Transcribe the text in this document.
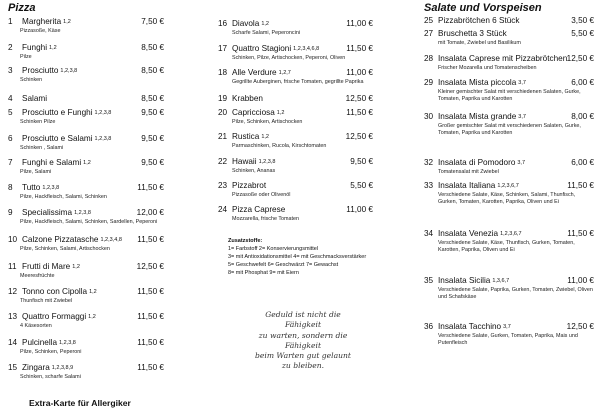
Pizza
1 Margherita 1,2	7,50 €
Pizzasoße, Käse
2 Funghi 1,2	8,50 €
Pilze
3 Prosciutto 1,2,3,8	8,50 €
Schinken
4 Salami	8,50 €
5 Prosciutto e Funghi 1,2,3,8	9,50 €
Schinken Pilze
6 Prosciutto e Salami 1,2,3,8	9,50 €
Schinken , Salami
7 Funghi e Salami 1,2	9,50 €
Pilze, Salami
8 Tutto 1,2,3,8	11,50 €
Pilze, Hackfleisch, Salami, Schinken
9 Specialissima 1,2,3,8	12,00 €
Pilze, Hackfleisch, Salami, Schinken, Sardellen, Peperoni
10 Calzone Pizzatasche 1,2,3,4,8 11,50 €
Pilze, Schinken, Salami, Artischocken
11 Frutti di Mare 1,2	12,50 €
Meeresfrüchte
12 Tonno con Cipolla 1,2	11,50 €
Thunfisch mit Zwiebel
13 Quattro Formaggi 1,2	11,50 €
4 Käsesorten
14 Pulcinella 1,2,3,8	11,50 €
Pilze, Schinken, Peperoni
15 Zingara 1,2,3,8,9	11,50 €
Schinken, scharfe Salami
16 Diavola 1,2	11,00 €
Scharfe Salami, Peperoncini
17 Quattro Stagioni 1,2,3,4,6,8	11,50 €
Schinken, Pilze, Artischocken, Peperoni, Oliven
18 Alle Verdure 1,2,7	11,00 €
Gegrillte Auberginen, frische Tomaten, gegrillte Paprika
19 Krabben	12,50 €
20 Capricciosa 1,2	11,50 €
Pilze, Schinken, Artischocken
21 Rustica 1,2	12,50 €
Parmaschinken, Rucola, Kirschtomaten
22 Hawaii 1,2,3,8	9,50 €
Schinken, Ananas
23 Pizzabrot	5,50 €
Pizzasoße oder Olivenöl
24 Pizza Caprese	11,00 €
Mozzarella, frische Tomaten
Salate und Vorspeisen
25 Pizzabrötchen 6 Stück	3,50 €
27 Bruschetta 3 Stück	5,50 €
mit Tomate, Zwiebel und Basilikum
28 Insalata Caprese mit Pizzabrötchen 12,50 €
Frischer Mozarella und Tomatenscheiben
29 Insalata Mista piccola 3,7	6,00 €
Kleiner gemischter Salat mit verschiedenen Salaten, Gurke, Tomaten, Paprika und Karotten
30 Insalata Mista grande 3,7	8,00 €
Großer gemischter Salat mit verschiedenen Salaten, Gurke, Tomaten, Paprika und Karotten
32 Insalata di Pomodoro 3,7	6,00 €
Tomatensalat mit Zwiebel
33 Insalata Italiana 1,2,3,6,7	11,50 €
Verschiedene Salate, Käse, Schinken, Salami, Thunfisch, Gurken, Tomaten, Karotten, Paprika, Oliven und Ei
34 Insalata Venezia 1,2,3,6,7	11,50 €
Verschiedene Salate, Käse, Thunfisch, Gurken, Tomaten, Karotten, Paprika, Oliven und Ei
35 Insalata Sicilia 1,3,6,7	11,00 €
Verschiedene Salate, Paprika, Gurken, Tomaten, Zwiebel, Oliven und Schafskäse
36 Insalata Tacchino 3,7	12,50 €
Verschiedene Salate, Gurken, Tomaten, Paprika, Mais und Putenfleisch
Zusatzstoffe:
1= Farbstoff 2= Konservierungsmittel
3= mit Antioxidationsmittel 4= mit Geschmacksverstärker
5= Geschwefelt 6= Geschwärzt 7= Gewachst
8= mit Phosphat 9= mit Eiern
Geduld ist nicht die
Fähigkeit
zu warten, sondern die
Fähigkeit
beim Warten gut gelaunt
zu bleiben.
Extra-Karte für Allergiker
